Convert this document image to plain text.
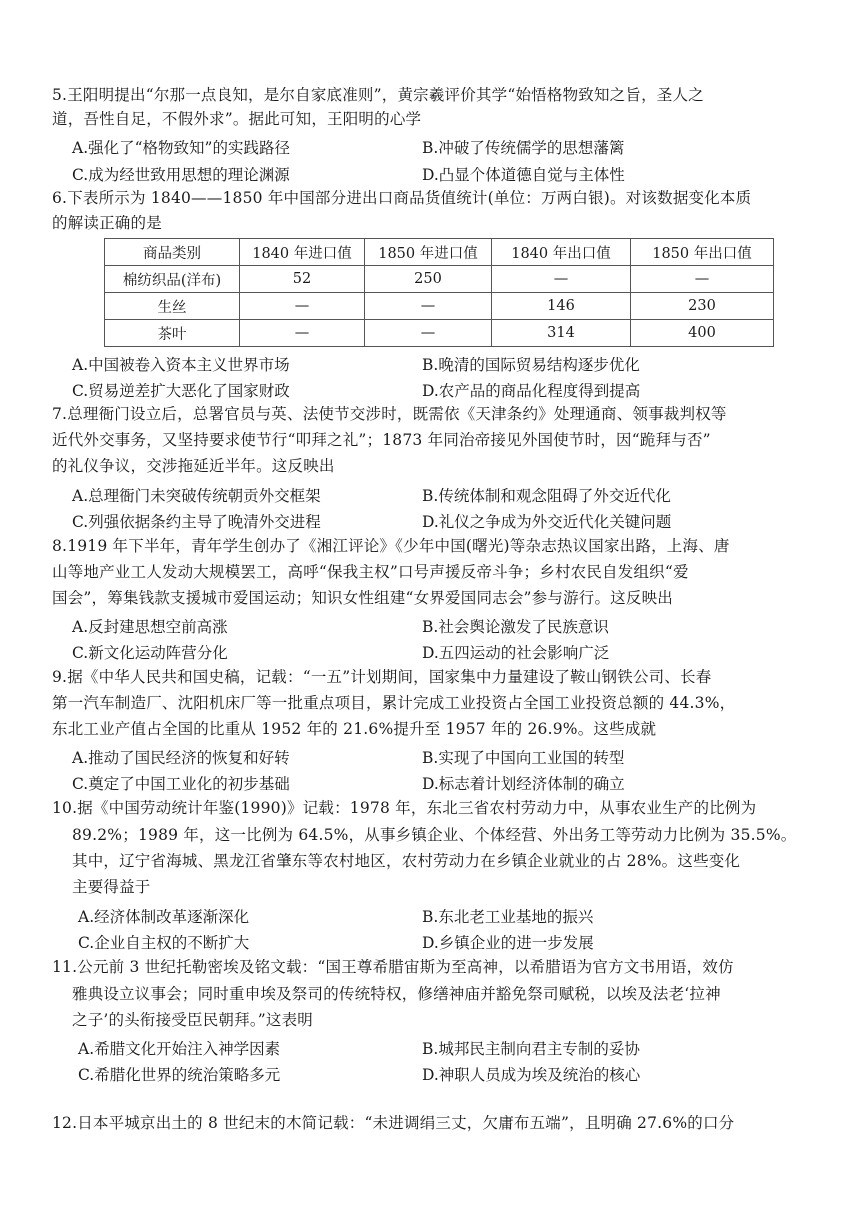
5.王阳明提出“尔那一点良知，是尔自家底准则”，黄宗羲评价其学“始悟格物致知之旨，圣人之
道，吾性自足，不假外求”。据此可知，王阳明的心学
A.强化了“格物致知”的实践路径	B.冲破了传统儒学的思想藩篱
C.成为经世致用思想的理论渊源	D.凸显个体道德自觉与主体性
6.下表所示为 1840——1850 年中国部分进出口商品货值统计(单位：万两白银)。对该数据变化本质
的解读正确的是
商品类别	1840 年进口值	1850 年进口值	1840 年出口值	1850 年出口值
棉纺织品(洋布)	52	250	—	—
生丝	—	—	146	230
茶叶	—	—	314	400
A.中国被卷入资本主义世界市场	B.晚清的国际贸易结构逐步优化
C.贸易逆差扩大恶化了国家财政	D.农产品的商品化程度得到提高
7.总理衙门设立后，总署官员与英、法使节交涉时，既需依《天津条约》处理通商、领事裁判权等
近代外交事务，又坚持要求使节行“叩拜之礼”；1873 年同治帝接见外国使节时，因“跪拜与否”
的礼仪争议，交涉拖延近半年。这反映出
A.总理衙门未突破传统朝贡外交框架	B.传统体制和观念阻碍了外交近代化
C.列强依据条约主导了晚清外交进程	D.礼仪之争成为外交近代化关键问题
8.1919 年下半年，青年学生创办了《湘江评论》《少年中国(曙光)等杂志热议国家出路，上海、唐
山等地产业工人发动大规模罢工，高呼“保我主权”口号声援反帝斗争；乡村农民自发组织“爱
国会”，筹集钱款支援城市爱国运动；知识女性组建“女界爱国同志会”参与游行。这反映出
A.反封建思想空前高涨	B.社会舆论激发了民族意识
C.新文化运动阵营分化	D.五四运动的社会影响广泛
9.据《中华人民共和国史稿，记载：“一五”计划期间，国家集中力量建设了鞍山钢铁公司、长春
第一汽车制造厂、沈阳机床厂等一批重点项目，累计完成工业投资占全国工业投资总额的 44.3%，
东北工业产值占全国的比重从 1952 年的 21.6%提升至 1957 年的 26.9%。这些成就
A.推动了国民经济的恢复和好转	B.实现了中国向工业国的转型
C.奠定了中国工业化的初步基础	D.标志着计划经济体制的确立
10.据《中国劳动统计年鉴(1990)》记载：1978 年，东北三省农村劳动力中，从事农业生产的比例为
89.2%；1989 年，这一比例为 64.5%，从事乡镇企业、个体经营、外出务工等劳动力比例为 35.5%。
其中，辽宁省海城、黑龙江省肇东等农村地区，农村劳动力在乡镇企业就业的占 28%。这些变化
主要得益于
A.经济体制改革逐渐深化	B.东北老工业基地的振兴
C.企业自主权的不断扩大	D.乡镇企业的进一步发展
11.公元前 3 世纪托勒密埃及铭文载：“国王尊希腊宙斯为至高神，以希腊语为官方文书用语，效仿
雅典设立议事会；同时重申埃及祭司的传统特权，修缮神庙并豁免祭司赋税，以埃及法老‘拉神
之子’的头衔接受臣民朝拜。”这表明
A.希腊文化开始注入神学因素	B.城邦民主制向君主专制的妥协
C.希腊化世界的统治策略多元	D.神职人员成为埃及统治的核心
12.日本平城京出土的 8 世纪末的木简记载：“未进调绢三丈，欠庸布五端”，且明确 27.6%的口分
